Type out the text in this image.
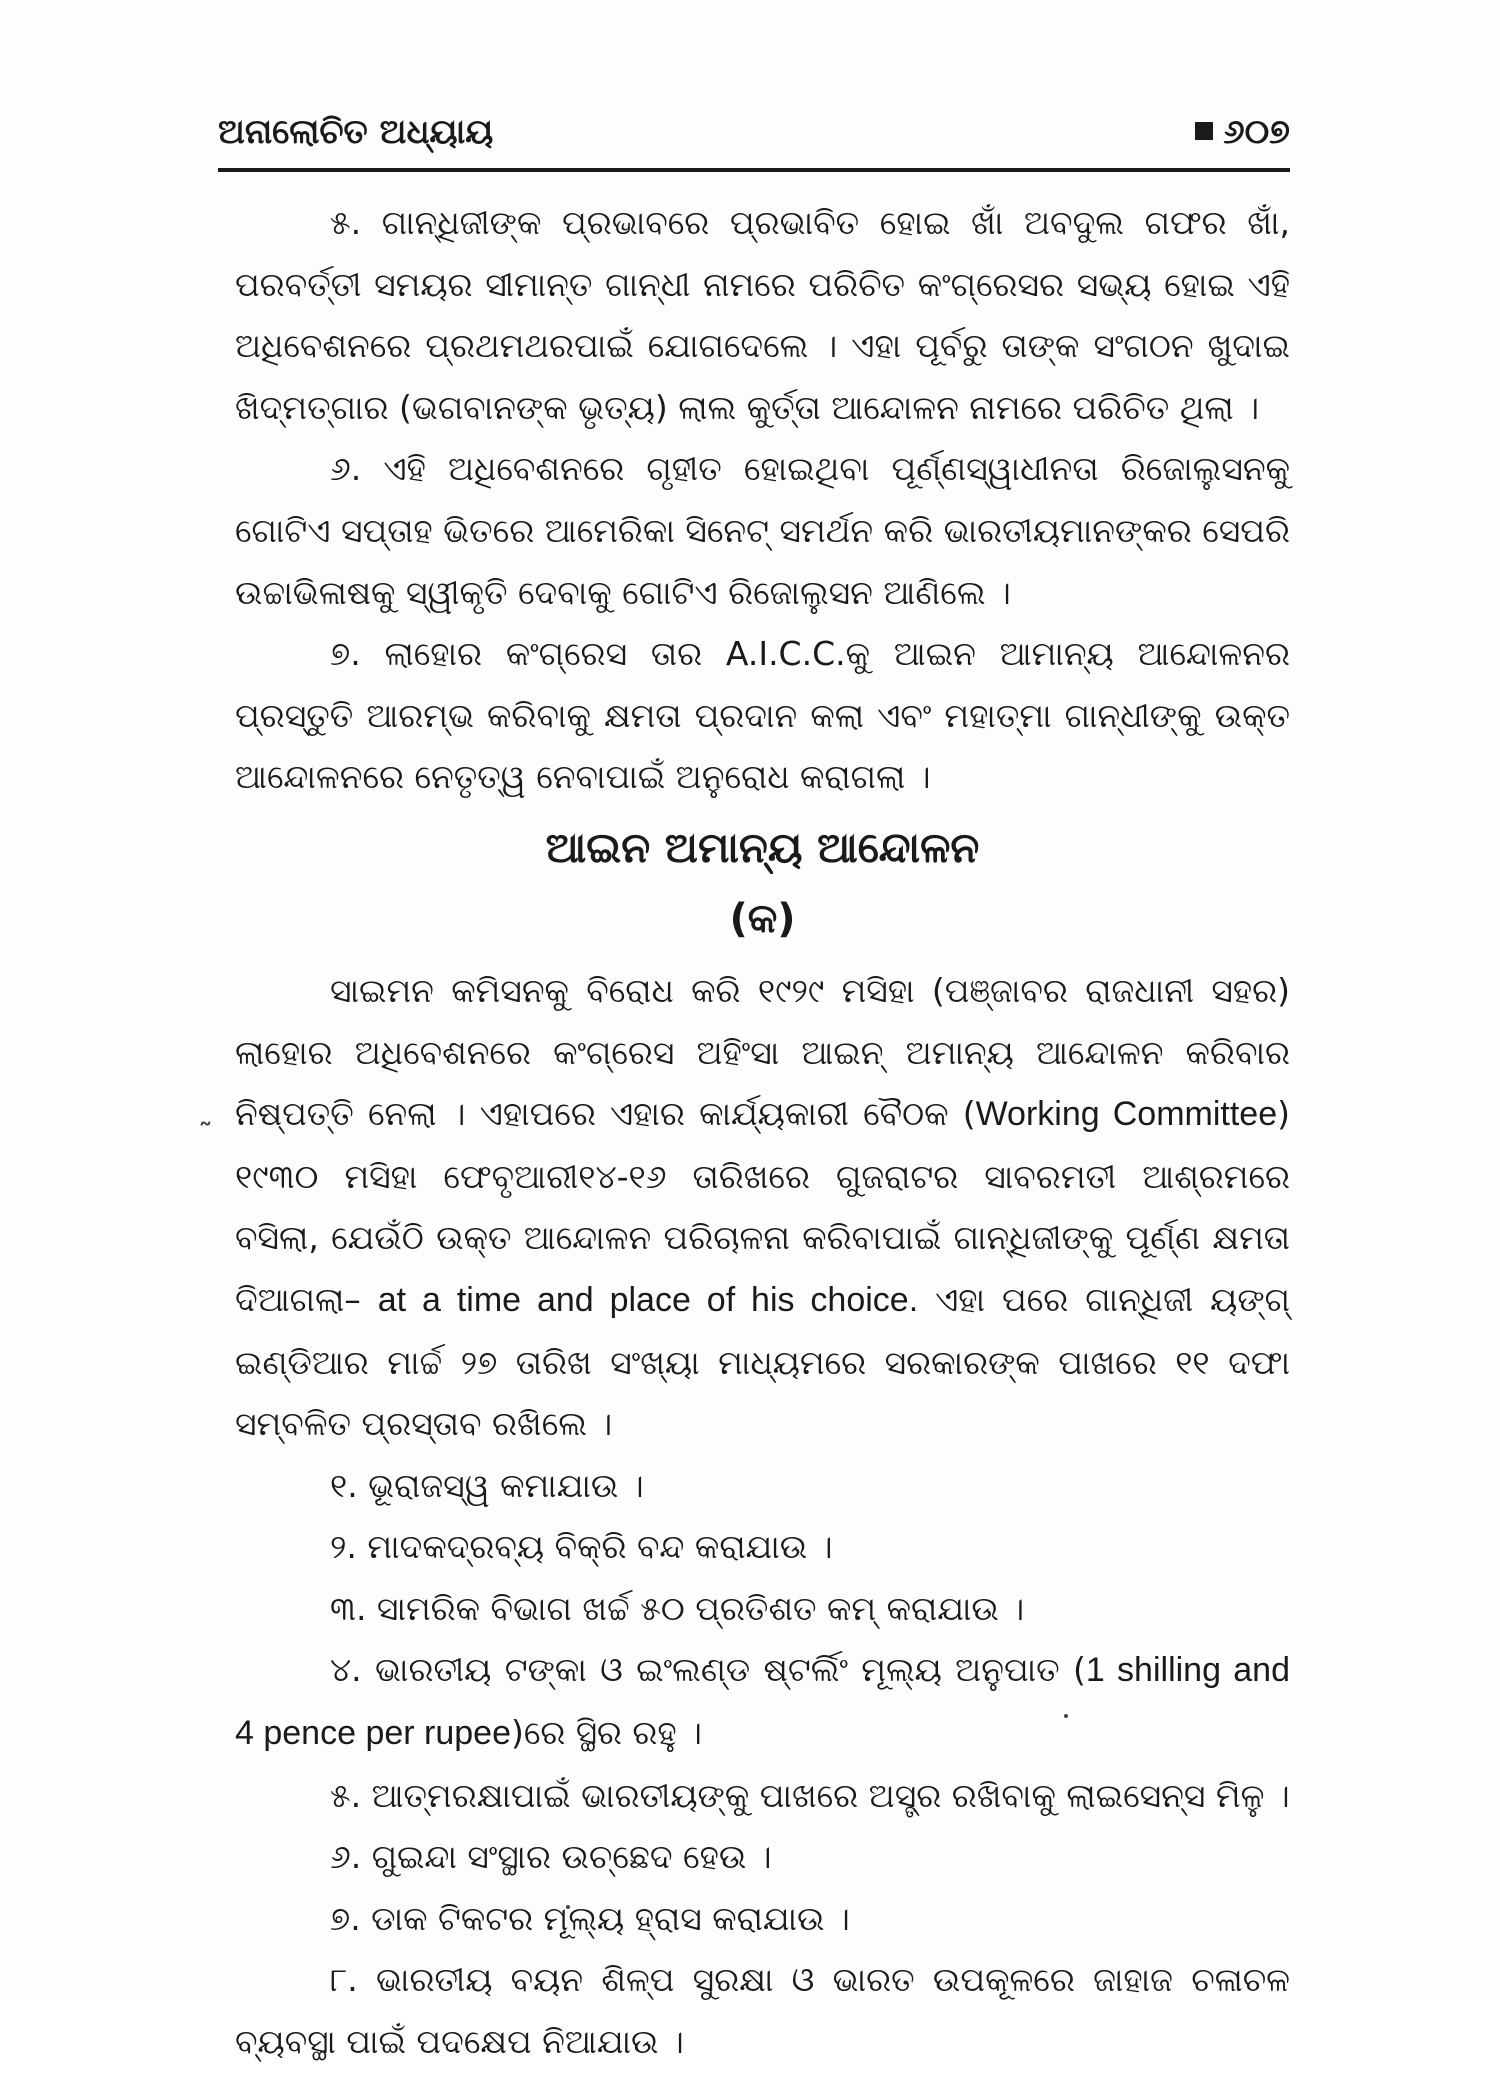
ଅନାଲୋଚିତ ଅଧ୍ୟାୟ	୬୦୭
˜

୫. ଗାନ୍ଧିଜୀଙ୍କ ପ୍ରଭାବରେ ପ୍ରଭାବିତ ହୋଇ ଖାଁ ଅବଦୁଲ ଗଫର ଖାଁ, ପରବର୍ତ୍ତୀ ସମୟର ସୀମାନ୍ତ ଗାନ୍ଧୀ ନାମରେ ପରିଚିତ କଂଗ୍ରେସର ସଭ୍ୟ ହୋଇ ଏହି ଅଧିବେଶନରେ ପ୍ରଥମଥରପାଇଁ ଯୋଗଦେଲେ । ଏହା ପୂର୍ବରୁ ତାଙ୍କ ସଂଗଠନ ଖୁଦାଇ ଖିଦ୍‌ମତ୍‌ଗାର (ଭଗବାନଙ୍କ ଭୃତ୍ୟ) ଲାଲ କୁର୍ତ୍ତା ଆନ୍ଦୋଳନ ନାମରେ ପରିଚିତ ଥିଲା ।

୬. ଏହି ଅଧିବେଶନରେ ଗୃହୀତ ହୋଇଥିବା ପୂର୍ଣ୍ଣସ୍ୱାଧୀନତା ରିଜୋଲୁସନକୁ ଗୋଟିଏ ସପ୍ତାହ ଭିତରେ ଆମେରିକା ସିନେଟ୍ ସମର୍ଥନ କରି ଭାରତୀୟମାନଙ୍କର ସେପରି ଉଚ୍ଚାଭିଳାଷକୁ ସ୍ୱୀକୃତି ଦେବାକୁ ଗୋଟିଏ ରିଜୋଲୁସନ ଆଣିଲେ ।

୭. ଲାହୋର କଂଗ୍ରେସ ତାର A.I.C.C.କୁ ଆଇନ ଆମାନ୍ୟ ଆନ୍ଦୋଳନର ପ୍ରସ୍ତୁତି ଆରମ୍ଭ କରିବାକୁ କ୍ଷମତା ପ୍ରଦାନ କଲା ଏବଂ ମହାତ୍ମା ଗାନ୍ଧୀଙ୍କୁ ଉକ୍ତ ଆନ୍ଦୋଳନରେ ନେତୃତ୍ୱ ନେବାପାଇଁ ଅନୁରୋଧ କରାଗଲା ।

ଆଇନ ଅମାନ୍ୟ ଆନ୍ଦୋଳନ
(କ)

ସାଇମନ କମିସନକୁ ବିରୋଧ କରି ୧୯୨୯ ମସିହା (ପଞ୍ଜାବର ରାଜଧାନୀ ସହର) ଲାହୋର ଅଧିବେଶନରେ କଂଗ୍ରେସ ଅହିଂସା ଆଇନ୍ ଅମାନ୍ୟ ଆନ୍ଦୋଳନ କରିବାର ନିଷ୍ପତ୍ତି ନେଲା । ଏହାପରେ ଏହାର କାର୍ଯ୍ୟକାରୀ ବୈଠକ (Working Committee) ୧୯୩୦ ମସିହା ଫେବୃଆରୀ୧୪-୧୬ ତାରିଖରେ ଗୁଜରାଟର ସାବରମତୀ ଆଶ୍ରମରେ ବସିଲା, ଯେଉଁଠି ଉକ୍ତ ଆନ୍ଦୋଳନ ପରିଚାଳନା କରିବାପାଇଁ ଗାନ୍ଧିଜୀଙ୍କୁ ପୂର୍ଣ୍ଣ କ୍ଷମତା ଦିଆଗଲା– at a time and place of his choice. ଏହା ପରେ ଗାନ୍ଧିଜୀ ୟଙ୍ଗ୍ ଇଣ୍ଡିଆର ମାର୍ଚ୍ଚ ୨୭ ତାରିଖ ସଂଖ୍ୟା ମାଧ୍ୟମରେ ସରକାରଙ୍କ ପାଖରେ ୧୧ ଦଫା ସମ୍ବଳିତ ପ୍ରସ୍ତାବ ରଖିଲେ ।

୧. ଭୂରାଜସ୍ୱ କମାଯାଉ ।

୨. ମାଦକଦ୍ରବ୍ୟ ବିକ୍ରି ବନ୍ଦ କରାଯାଉ ।

୩. ସାମରିକ ବିଭାଗ ଖର୍ଚ୍ଚ ୫୦ ପ୍ରତିଶତ କମ୍ କରାଯାଉ ।

୪. ଭାରତୀୟ ଟଙ୍କା ଓ ଇଂଲଣ୍ଡ ଷ୍ଟର୍ଲିଂ ମୂଲ୍ୟ ଅନୁପାତ (1 shilling and 4 pence per rupee)ରେ ସ୍ଥିର ରହୁ ।

୫. ଆତ୍ମରକ୍ଷାପାଇଁ ଭାରତୀୟଙ୍କୁ ପାଖରେ ଅସ୍ତ୍ର ରଖିବାକୁ ଲାଇସେନ୍‌ସ ମିଳୁ ।

୬. ଗୁଇନ୍ଦା ସଂସ୍ଥାର ଉଚ୍ଛେଦ ହେଉ ।

୭. ଡାକ ଟିକଟର ମୂଲ୍ୟ ହ୍ରାସ କରାଯାଉ ।

୮. ଭାରତୀୟ ବୟନ ଶିଳ୍ପ ସୁରକ୍ଷା ଓ ଭାରତ ଉପକୂଳରେ ଜାହାଜ ଚଳାଚଳ ବ୍ୟବସ୍ଥା ପାଇଁ ପଦକ୍ଷେପ ନିଆଯାଉ ।
